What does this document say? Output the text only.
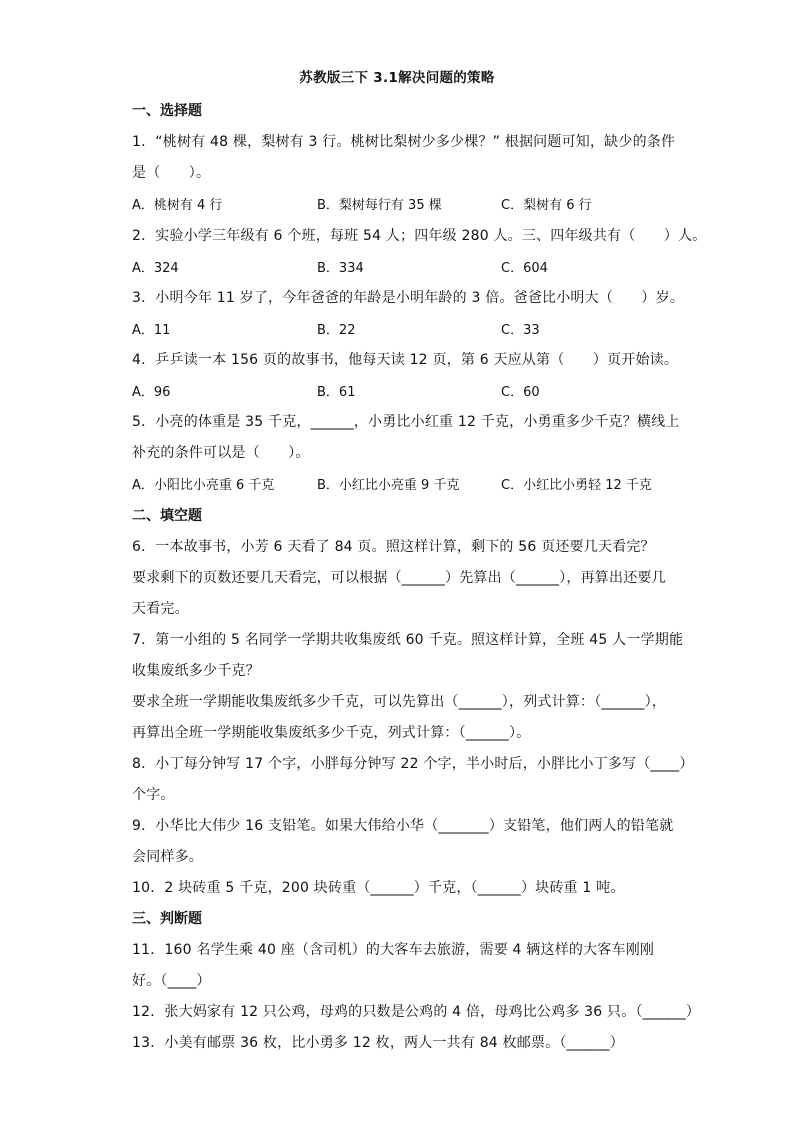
苏教版三下 3.1解决问题的策略
一、选择题
1．“桃树有 48 棵，梨树有 3 行。桃树比梨树少多少棵？” 根据问题可知，缺少的条件
是（　　）。
A．桃树有 4 行	B．梨树每行有 35 棵	C．梨树有 6 行
2．实验小学三年级有 6 个班，每班 54 人；四年级 280 人。三、四年级共有（　　）人。
A．324	B．334	C．604
3．小明今年 11 岁了，今年爸爸的年龄是小明年龄的 3 倍。爸爸比小明大（　　）岁。
A．11	B．22	C．33
4．乒乒读一本 156 页的故事书，他每天读 12 页，第 6 天应从第（　　）页开始读。
A．96	B．61	C．60
5．小亮的体重是 35 千克，______，小勇比小红重 12 千克，小勇重多少千克？横线上
补充的条件可以是（　　）。
A．小阳比小亮重 6 千克	B．小红比小亮重 9 千克	C．小红比小勇轻 12 千克
二、填空题
6．一本故事书，小芳 6 天看了 84 页。照这样计算，剩下的 56 页还要几天看完？
要求剩下的页数还要几天看完，可以根据（______）先算出（______），再算出还要几
天看完。
7．第一小组的 5 名同学一学期共收集废纸 60 千克。照这样计算，全班 45 人一学期能
收集废纸多少千克？
要求全班一学期能收集废纸多少千克，可以先算出（______），列式计算：（______），
再算出全班一学期能收集废纸多少千克，列式计算：（______）。
8．小丁每分钟写 17 个字，小胖每分钟写 22 个字，半小时后，小胖比小丁多写（____）
个字。
9．小华比大伟少 16 支铅笔。如果大伟给小华（_______）支铅笔，他们两人的铅笔就
会同样多。
10．2 块砖重 5 千克，200 块砖重（______）千克，（______）块砖重 1 吨。
三、判断题
11．160 名学生乘 40 座（含司机）的大客车去旅游，需要 4 辆这样的大客车刚刚
好。（____）
12．张大妈家有 12 只公鸡，母鸡的只数是公鸡的 4 倍，母鸡比公鸡多 36 只。（______）
13．小美有邮票 36 枚，比小勇多 12 枚，两人一共有 84 枚邮票。（______）
